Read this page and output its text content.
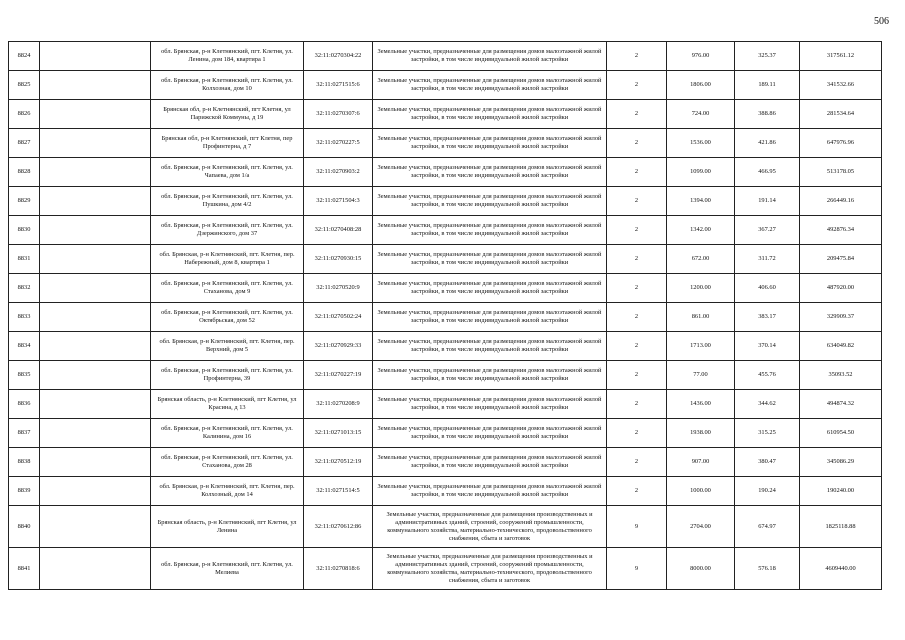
506
8824		обл. Брянская, р-н Клетнянский, пгт. Клетня, ул. Ленина, дом 184, квартира 1	32:11:0270304:22	Земельные участки, предназначенные для размещения домов малоэтажной жилой застройки, в том числе индивидуальной жилой застройки	2	976.00	325.37	317561.12
8825		обл. Брянская, р-н Клетнянский, пгт. Клетня, ул. Колхозная, дом 10	32:11:0271515:6	Земельные участки, предназначенные для размещения домов малоэтажной жилой застройки, в том числе индивидуальной жилой застройки	2	1806.00	189.11	341532.66
8826		Брянская обл, р-н Клетнянский, пгт Клетня, ул Парижской Коммуны, д 19	32:11:0270307:6	Земельные участки, предназначенные для размещения домов малоэтажной жилой застройки, в том числе индивидуальной жилой застройки	2	724.00	388.86	281534.64
8827		Брянская обл, р-н Клетнянский, пгт Клетня, пер Профинтерна, д 7	32:11:0270227:5	Земельные участки, предназначенные для размещения домов малоэтажной жилой застройки, в том числе индивидуальной жилой застройки	2	1536.00	421.86	647976.96
8828		обл. Брянская, р-н Клетнянский, пгт. Клетня, ул. Чапаева, дом 1/а	32:11:0270903:2	Земельные участки, предназначенные для размещения домов малоэтажной жилой застройки, в том числе индивидуальной жилой застройки	2	1099.00	466.95	513178.05
8829		обл. Брянская, р-н Клетнянский, пгт. Клетня, ул. Пушкина, дом 4/2	32:11:0271504:3	Земельные участки, предназначенные для размещения домов малоэтажной жилой застройки, в том числе индивидуальной жилой застройки	2	1394.00	191.14	266449.16
8830		обл. Брянская, р-н Клетнянский, пгт. Клетня, ул. Дзержинского, дом 37	32:11:0270408:28	Земельные участки, предназначенные для размещения домов малоэтажной жилой застройки, в том числе индивидуальной жилой застройки	2	1342.00	367.27	492876.34
8831		обл. Брянская, р-н Клетнянский, пгт. Клетня, пер. Набережный, дом 8, квартира 1	32:11:0270930:15	Земельные участки, предназначенные для размещения домов малоэтажной жилой застройки, в том числе индивидуальной жилой застройки	2	672.00	311.72	209475.84
8832		обл. Брянская, р-н Клетнянский, пгт. Клетня, ул. Стаханова, дом 9	32:11:0270520:9	Земельные участки, предназначенные для размещения домов малоэтажной жилой застройки, в том числе индивидуальной жилой застройки	2	1200.00	406.60	487920.00
8833		обл. Брянская, р-н Клетнянский, пгт. Клетня, ул. Октябрьская, дом 52	32:11:0270502:24	Земельные участки, предназначенные для размещения домов малоэтажной жилой застройки, в том числе индивидуальной жилой застройки	2	861.00	383.17	329909.37
8834		обл. Брянская, р-н Клетнянский, пгт. Клетня, пер. Верхний, дом 5	32:11:0270929:33	Земельные участки, предназначенные для размещения домов малоэтажной жилой застройки, в том числе индивидуальной жилой застройки	2	1713.00	370.14	634049.82
8835		обл. Брянская, р-н Клетнянский, пгт. Клетня, ул. Профинтерна, 39	32:11:0270227:19	Земельные участки, предназначенные для размещения домов малоэтажной жилой застройки, в том числе индивидуальной жилой застройки	2	77.00	455.76	35093.52
8836		Брянская область, р-н Клетнянский, пгт Клетня, ул Красина, д 13	32:11:0270208:9	Земельные участки, предназначенные для размещения домов малоэтажной жилой застройки, в том числе индивидуальной жилой застройки	2	1436.00	344.62	494874.32
8837		обл. Брянская, р-н Клетнянский, пгт. Клетня, ул. Калинина, дом 16	32:11:0271013:15	Земельные участки, предназначенные для размещения домов малоэтажной жилой застройки, в том числе индивидуальной жилой застройки	2	1938.00	315.25	610954.50
8838		обл. Брянская, р-н Клетнянский, пгт. Клетня, ул. Стаханова, дом 28	32:11:0270512:19	Земельные участки, предназначенные для размещения домов малоэтажной жилой застройки, в том числе индивидуальной жилой застройки	2	907.00	380.47	345086.29
8839		обл. Брянская, р-н Клетнянский, пгт. Клетня, пер. Колхозный, дом 14	32:11:0271514:5	Земельные участки, предназначенные для размещения домов малоэтажной жилой застройки, в том числе индивидуальной жилой застройки	2	1000.00	190.24	190240.00
8840		Брянская область, р-н Клетнянский, пгт Клетня, ул Ленина	32:11:0270612:86	Земельные участки, предназначенные для размещения производственных и административных зданий, строений, сооружений промышленности, коммунального хозяйства, материально-технического, продовольственного снабжения, сбыта и заготовок	9	2704.00	674.97	1825118.88
8841		обл. Брянская, р-н Клетнянский, пгт. Клетня, ул. Мелиева	32:11:0270818:6	Земельные участки, предназначенные для размещения производственных и административных зданий, строений, сооружений промышленности, коммунального хозяйства, материально-технического, продовольственного снабжения, сбыта и заготовок	9	8000.00	576.18	4609440.00
